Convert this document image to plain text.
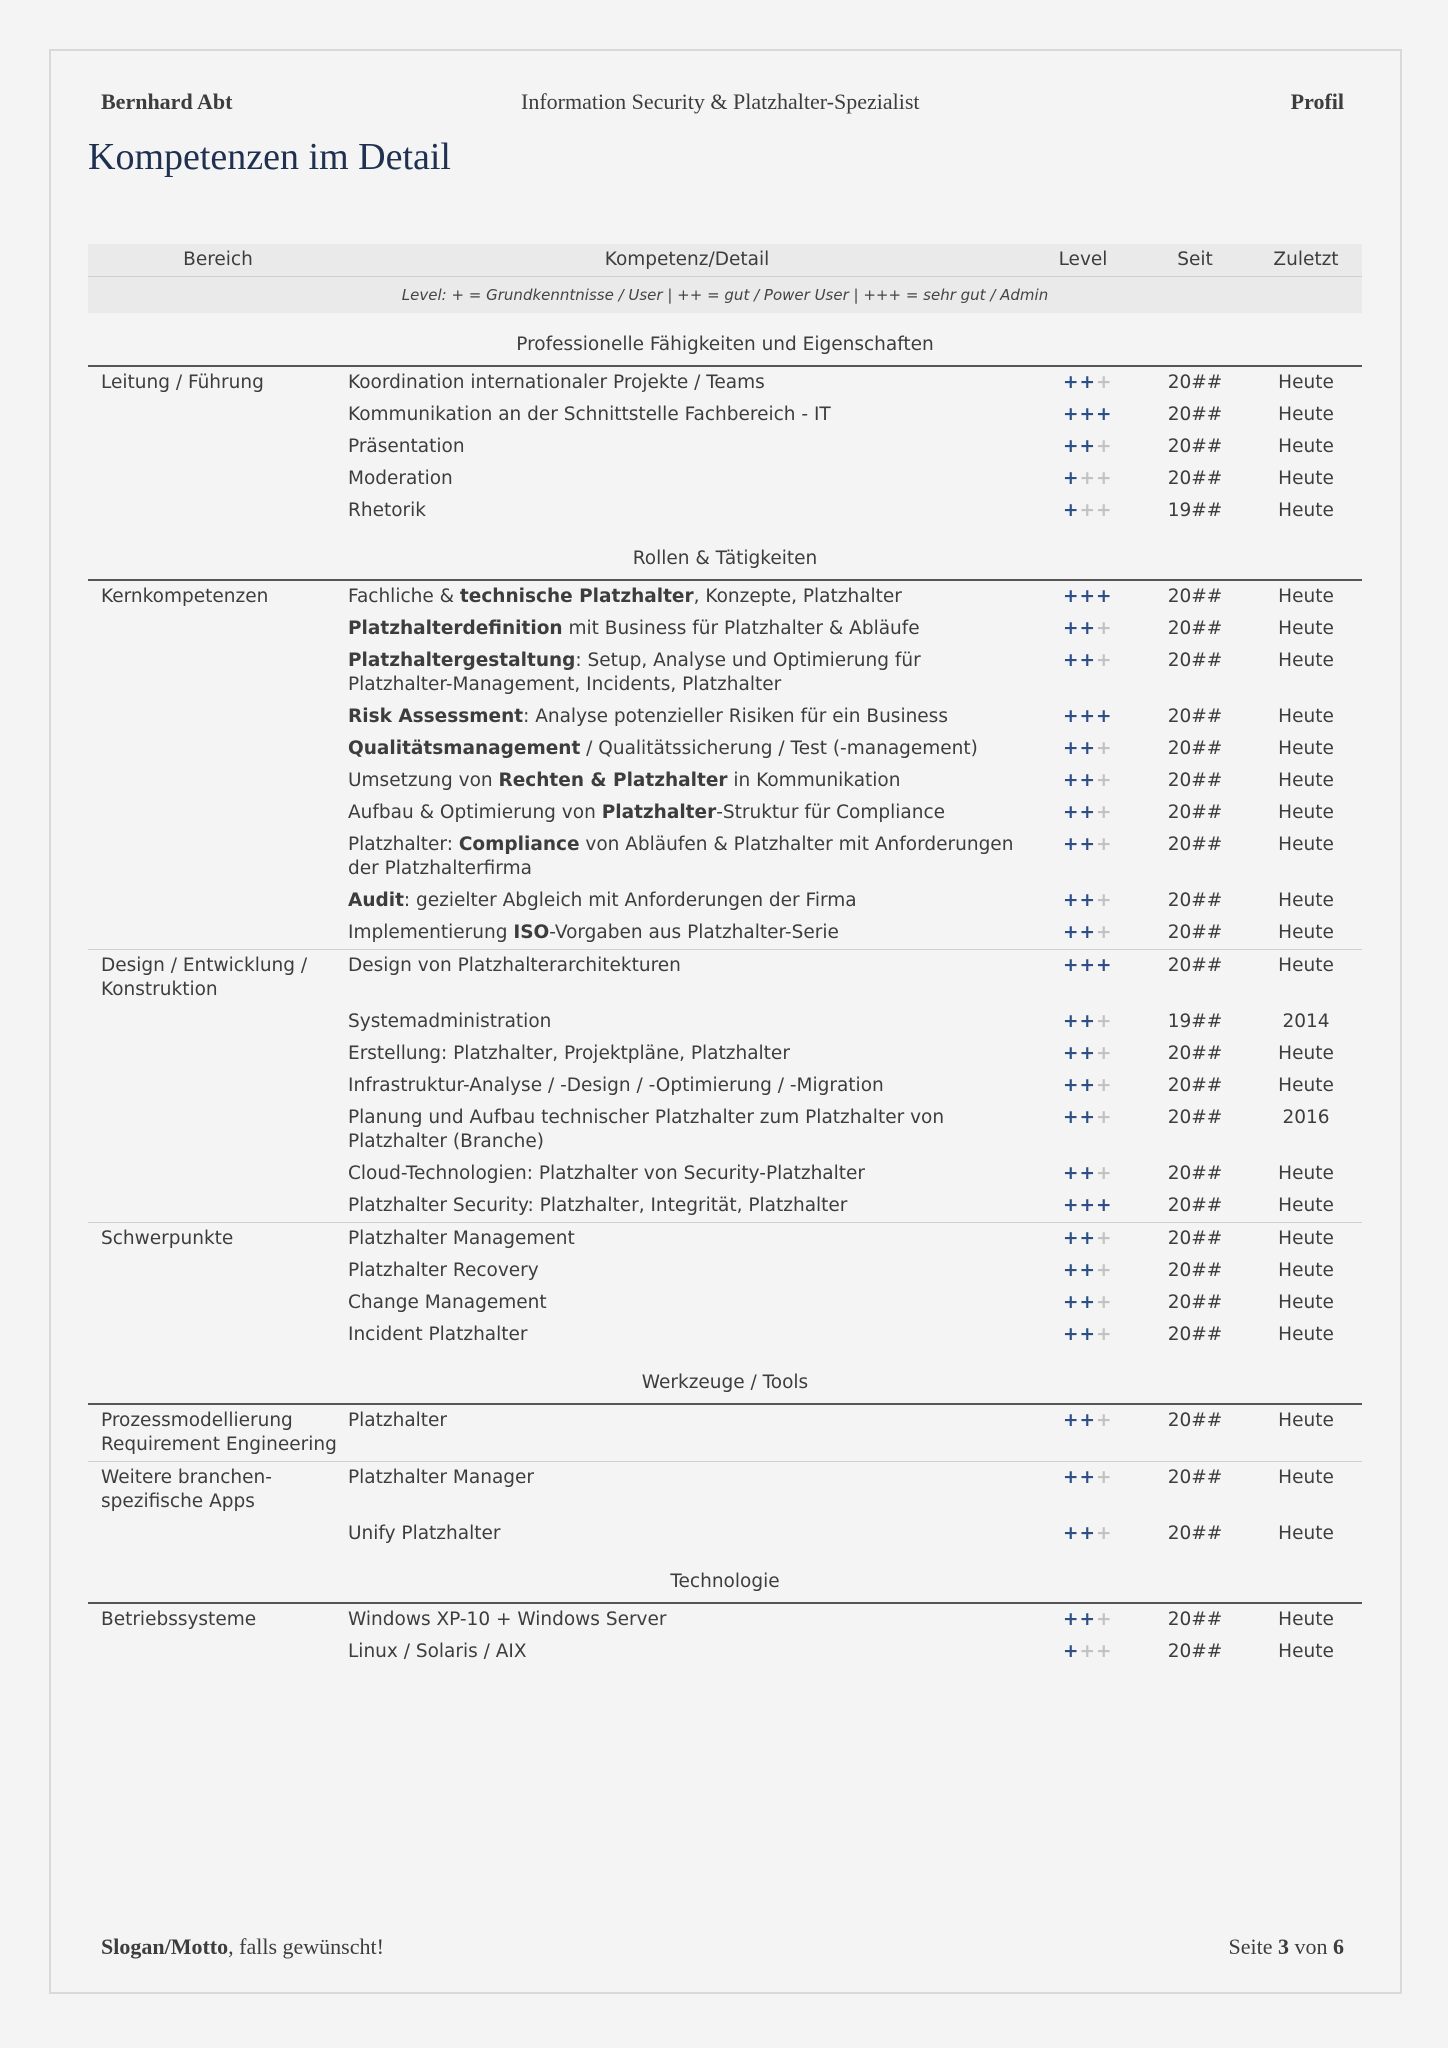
Bernhard Abt	Information Security & Platzhalter-Spezialist	Profil
Kompetenzen im Detail
Bereich	Kompetenz/Detail	Level	Seit	Zuletzt
Level: + = Grundkenntnisse / User | ++ = gut / Power User | +++ = sehr gut / Admin				
Professionelle Fähigkeiten und Eigenschaften				
Leitung / Führung	Koordination internationaler Projekte / Teams	+++	20##	Heute
	Kommunikation an der Schnittstelle Fachbereich - IT	+++	20##	Heute
	Präsentation	+++	20##	Heute
	Moderation	+++	20##	Heute
	Rhetorik	+++	19##	Heute
Rollen & Tätigkeiten				
Kernkompetenzen	Fachliche & technische Platzhalter, Konzepte, Platzhalter	+++	20##	Heute
	Platzhalterdefinition mit Business für Platzhalter & Abläufe	+++	20##	Heute
	Platzhaltergestaltung: Setup, Analyse und Optimierung für Platzhalter-Management, Incidents, Platzhalter	+++	20##	Heute
	Risk Assessment: Analyse potenzieller Risiken für ein Business	+++	20##	Heute
	Qualitätsmanagement / Qualitätssicherung / Test (-management)	+++	20##	Heute
	Umsetzung von Rechten & Platzhalter in Kommunikation	+++	20##	Heute
	Aufbau & Optimierung von Platzhalter-Struktur für Compliance	+++	20##	Heute
	Platzhalter: Compliance von Abläufen & Platzhalter mit Anforderungen der Platzhalterfirma	+++	20##	Heute
	Audit: gezielter Abgleich mit Anforderungen der Firma	+++	20##	Heute
	Implementierung ISO-Vorgaben aus Platzhalter-Serie	+++	20##	Heute
Design / Entwicklung / Konstruktion	Design von Platzhalterarchitekturen	+++	20##	Heute
	Systemadministration	+++	19##	2014
	Erstellung: Platzhalter, Projektpläne, Platzhalter	+++	20##	Heute
	Infrastruktur-Analyse / -Design / -Optimierung / -Migration	+++	20##	Heute
	Planung und Aufbau technischer Platzhalter zum Platzhalter von Platzhalter (Branche)	+++	20##	2016
	Cloud-Technologien: Platzhalter von Security-Platzhalter	+++	20##	Heute
	Platzhalter Security: Platzhalter, Integrität, Platzhalter	+++	20##	Heute
Schwerpunkte	Platzhalter Management	+++	20##	Heute
	Platzhalter Recovery	+++	20##	Heute
	Change Management	+++	20##	Heute
	Incident Platzhalter	+++	20##	Heute
Werkzeuge / Tools				
Prozessmodellierung Requirement Engineering	Platzhalter	+++	20##	Heute
Weitere branchen-spezifische Apps	Platzhalter Manager	+++	20##	Heute
	Unify Platzhalter	+++	20##	Heute
Technologie				
Betriebssysteme	Windows XP-10 + Windows Server	+++	20##	Heute
	Linux / Solaris / AIX	+++	20##	Heute
Slogan/Motto, falls gewünscht!	Seite 3 von 6
